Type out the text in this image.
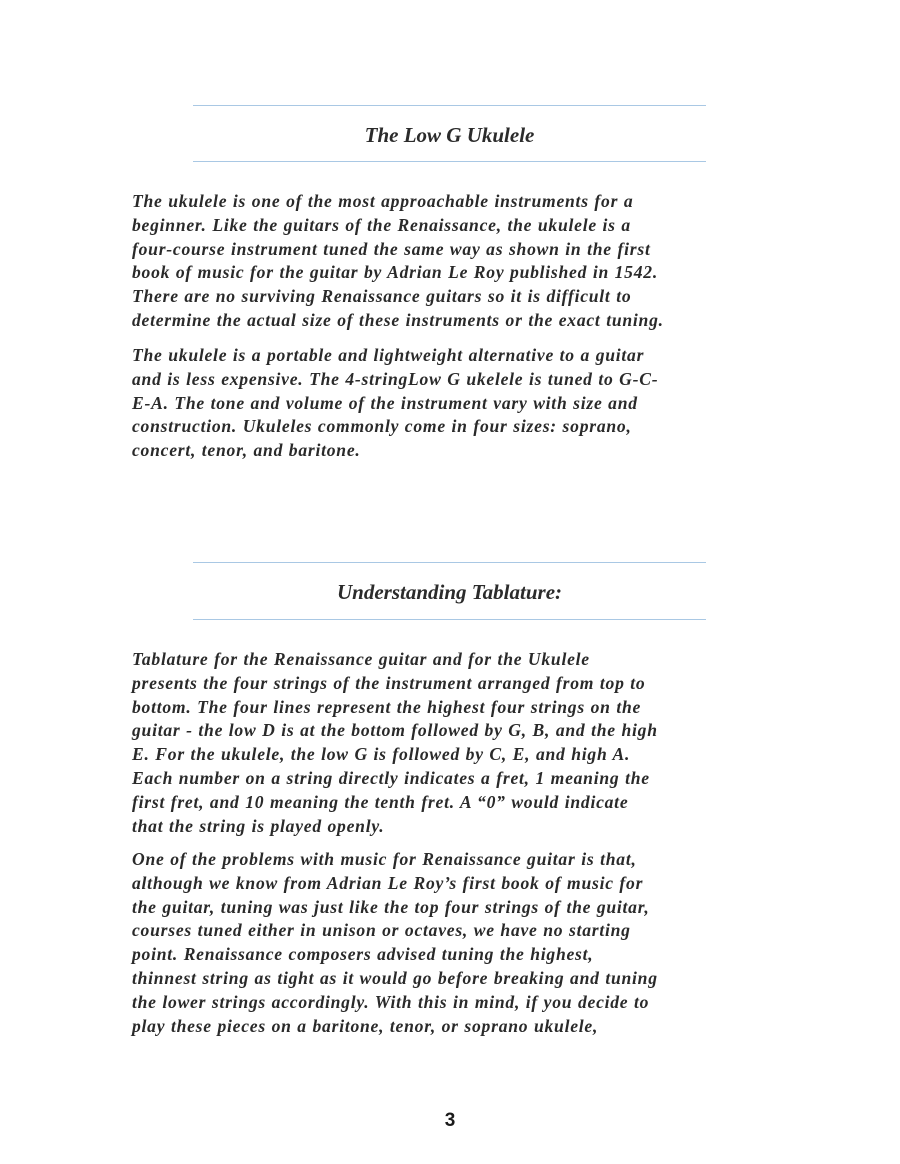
The Low G Ukulele

The ukulele is one of the most approachable instruments for a
beginner. Like the guitars of the Renaissance, the ukulele is a
four-course instrument tuned the same way as shown in the first
book of music for the guitar by Adrian Le Roy published in 1542.
There are no surviving Renaissance guitars so it is difficult to
determine the actual size of these instruments or the exact tuning.

The ukulele is a portable and lightweight alternative to a guitar
and is less expensive. The 4-stringLow G ukelele is tuned to G-C-
E-A. The tone and volume of the instrument vary with size and
construction. Ukuleles commonly come in four sizes: soprano,
concert, tenor, and baritone.

Understanding Tablature:

Tablature for the Renaissance guitar and for the Ukulele
presents the four strings of the instrument arranged from top to
bottom. The four lines represent the highest four strings on the
guitar - the low D is at the bottom followed by G, B, and the high
E. For the ukulele, the low G is followed by C, E, and high A.
Each number on a string directly indicates a fret, 1 meaning the
first fret, and 10 meaning the tenth fret. A “0” would indicate
that the string is played openly.

One of the problems with music for Renaissance guitar is that,
although we know from Adrian Le Roy’s first book of music for
the guitar, tuning was just like the top four strings of the guitar,
courses tuned either in unison or octaves, we have no starting
point. Renaissance composers advised tuning the highest,
thinnest string as tight as it would go before breaking and tuning
the lower strings accordingly. With this in mind, if you decide to
play these pieces on a baritone, tenor, or soprano ukulele,

3
